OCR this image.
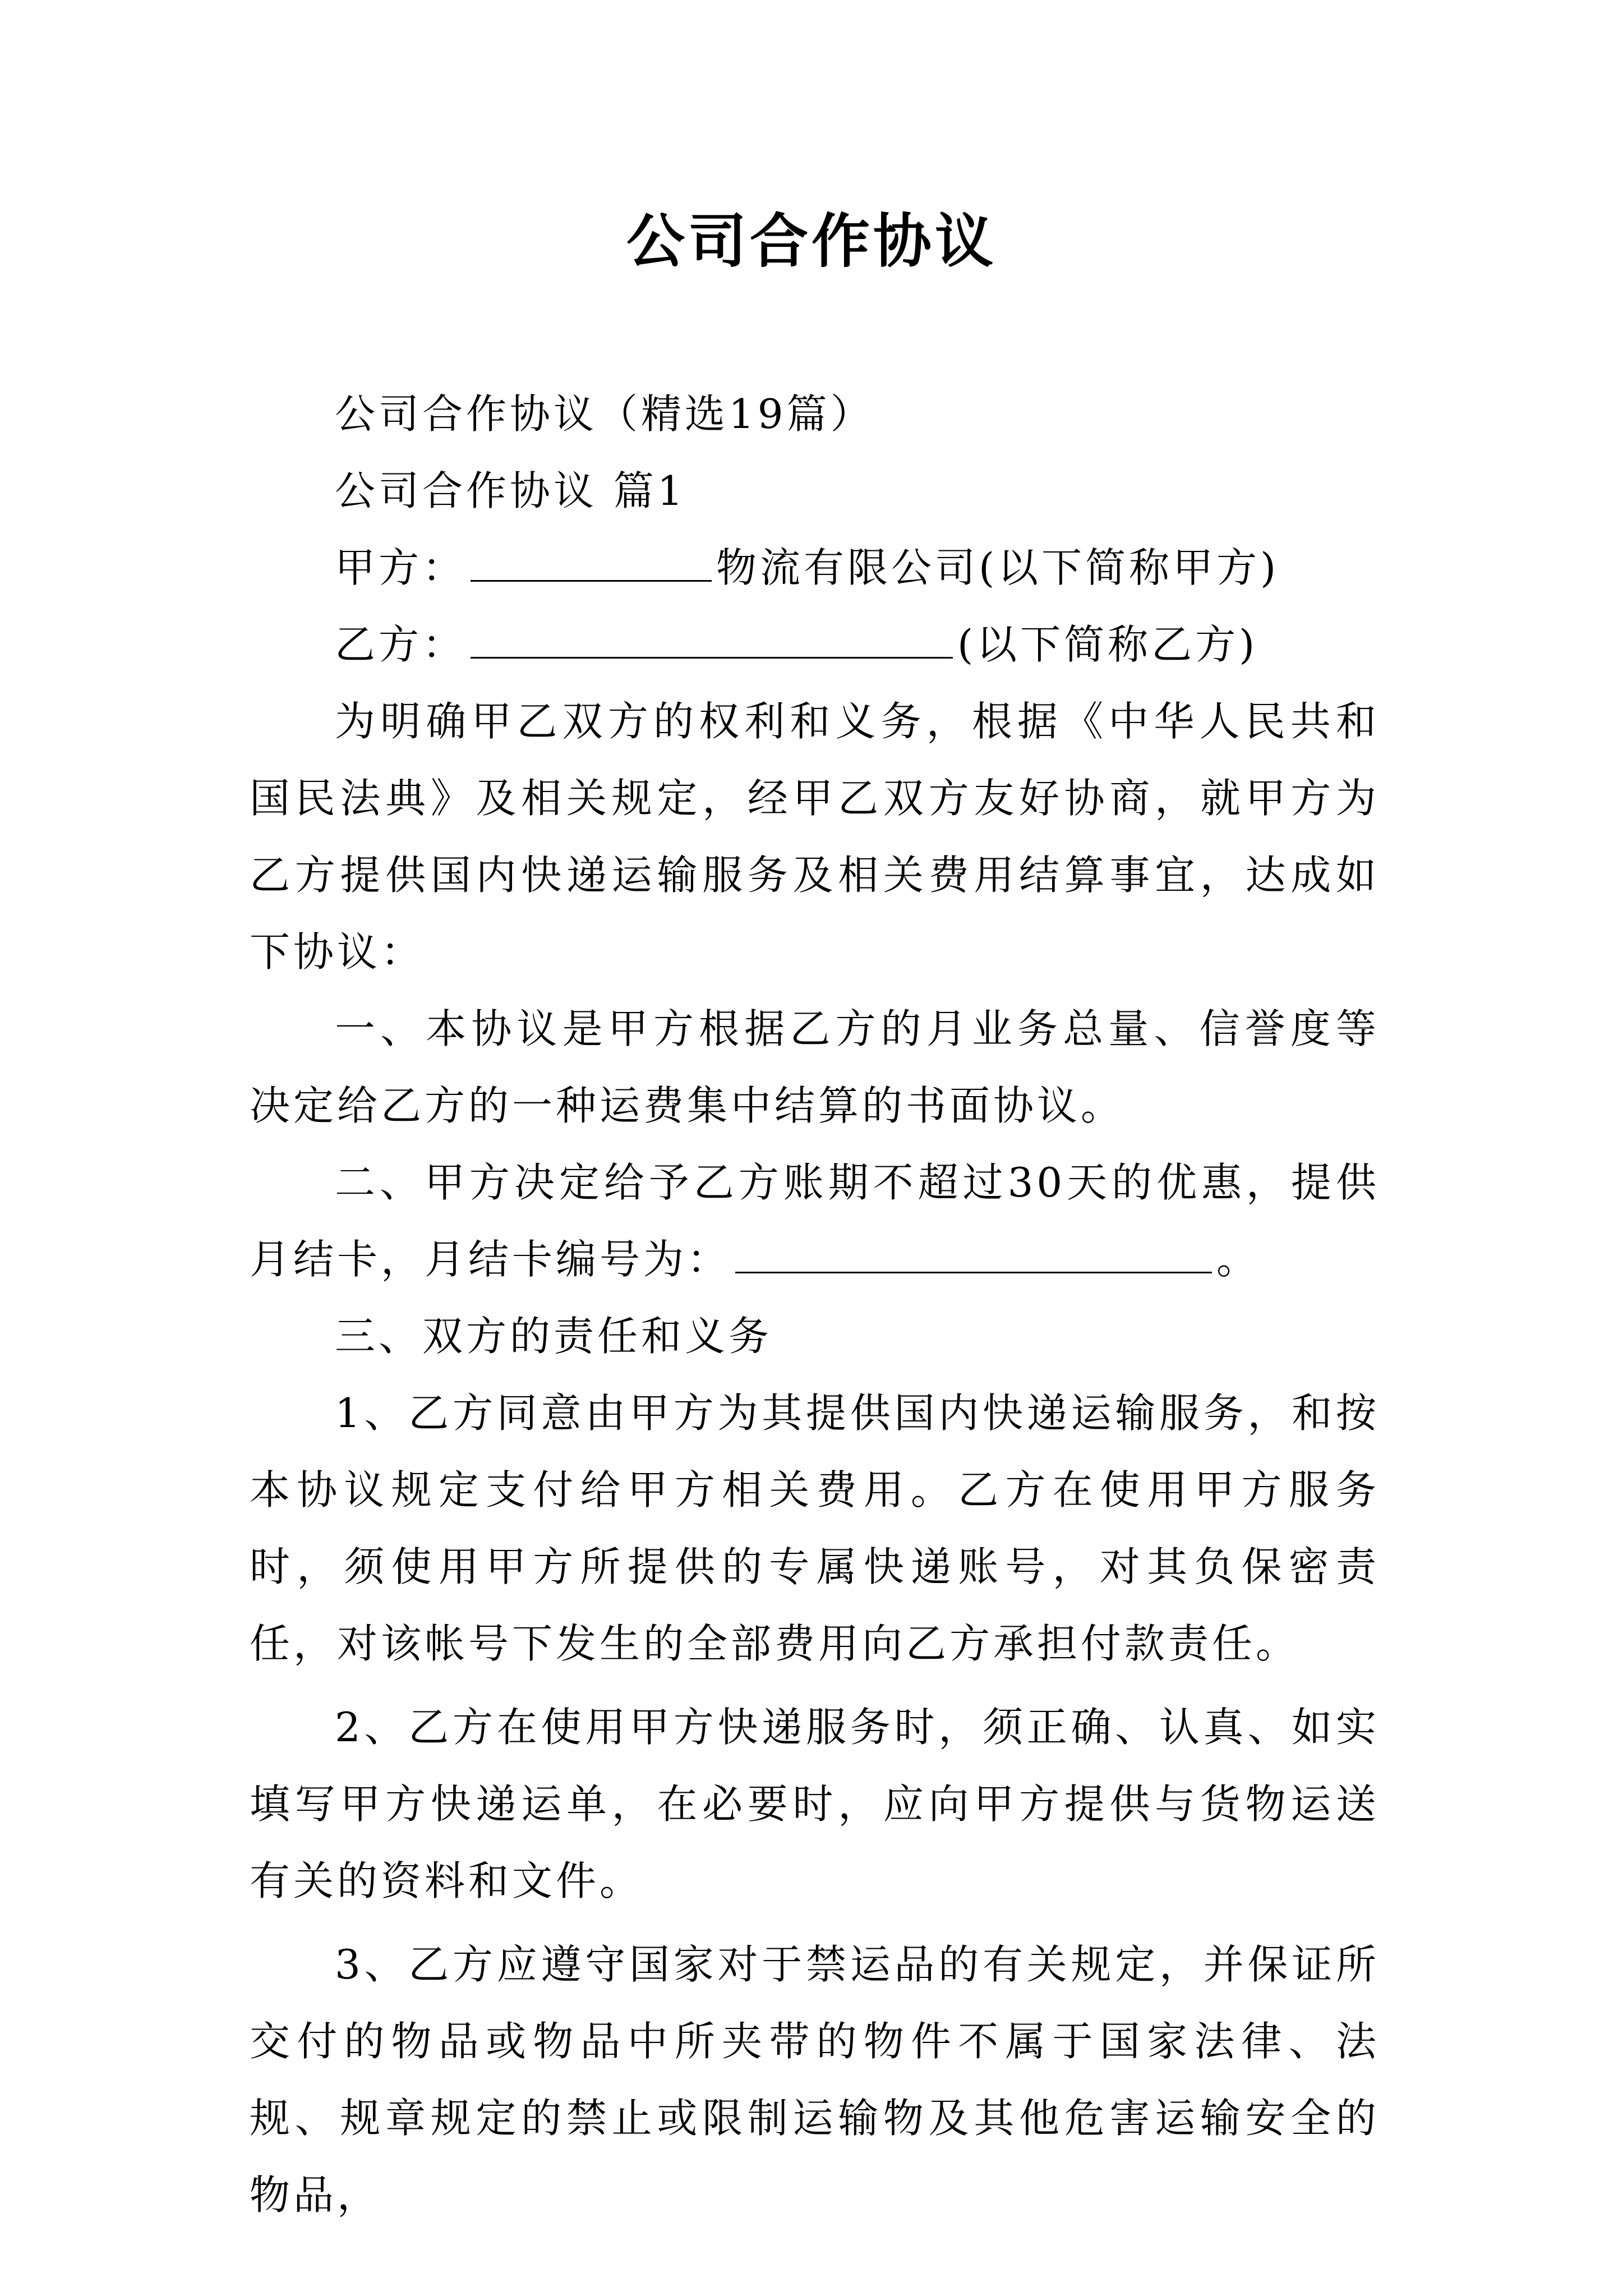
公司合作协议

公司合作协议（精选19篇）

公司合作协议 篇1

甲方：	物流有限公司(以下简称甲方)

乙方：	(以下简称乙方)

为明确甲乙双方的权利和义务，根据《中华人民共和国民法典》及相关规定，经甲乙双方友好协商，就甲方为乙方提供国内快递运输服务及相关费用结算事宜，达成如下协议：

一、本协议是甲方根据乙方的月业务总量、信誉度等决定给乙方的一种运费集中结算的书面协议。

二、甲方决定给予乙方账期不超过30天的优惠，提供月结卡，月结卡编号为：	。

三、双方的责任和义务

1、乙方同意由甲方为其提供国内快递运输服务，和按本协议规定支付给甲方相关费用。乙方在使用甲方服务时，须使用甲方所提供的专属快递账号，对其负保密责任，对该帐号下发生的全部费用向乙方承担付款责任。

2、乙方在使用甲方快递服务时，须正确、认真、如实填写甲方快递运单，在必要时，应向甲方提供与货物运送有关的资料和文件。

3、乙方应遵守国家对于禁运品的有关规定，并保证所交付的物品或物品中所夹带的物件不属于国家法律、法规、规章规定的禁止或限制运输物及其他危害运输安全的物品，
